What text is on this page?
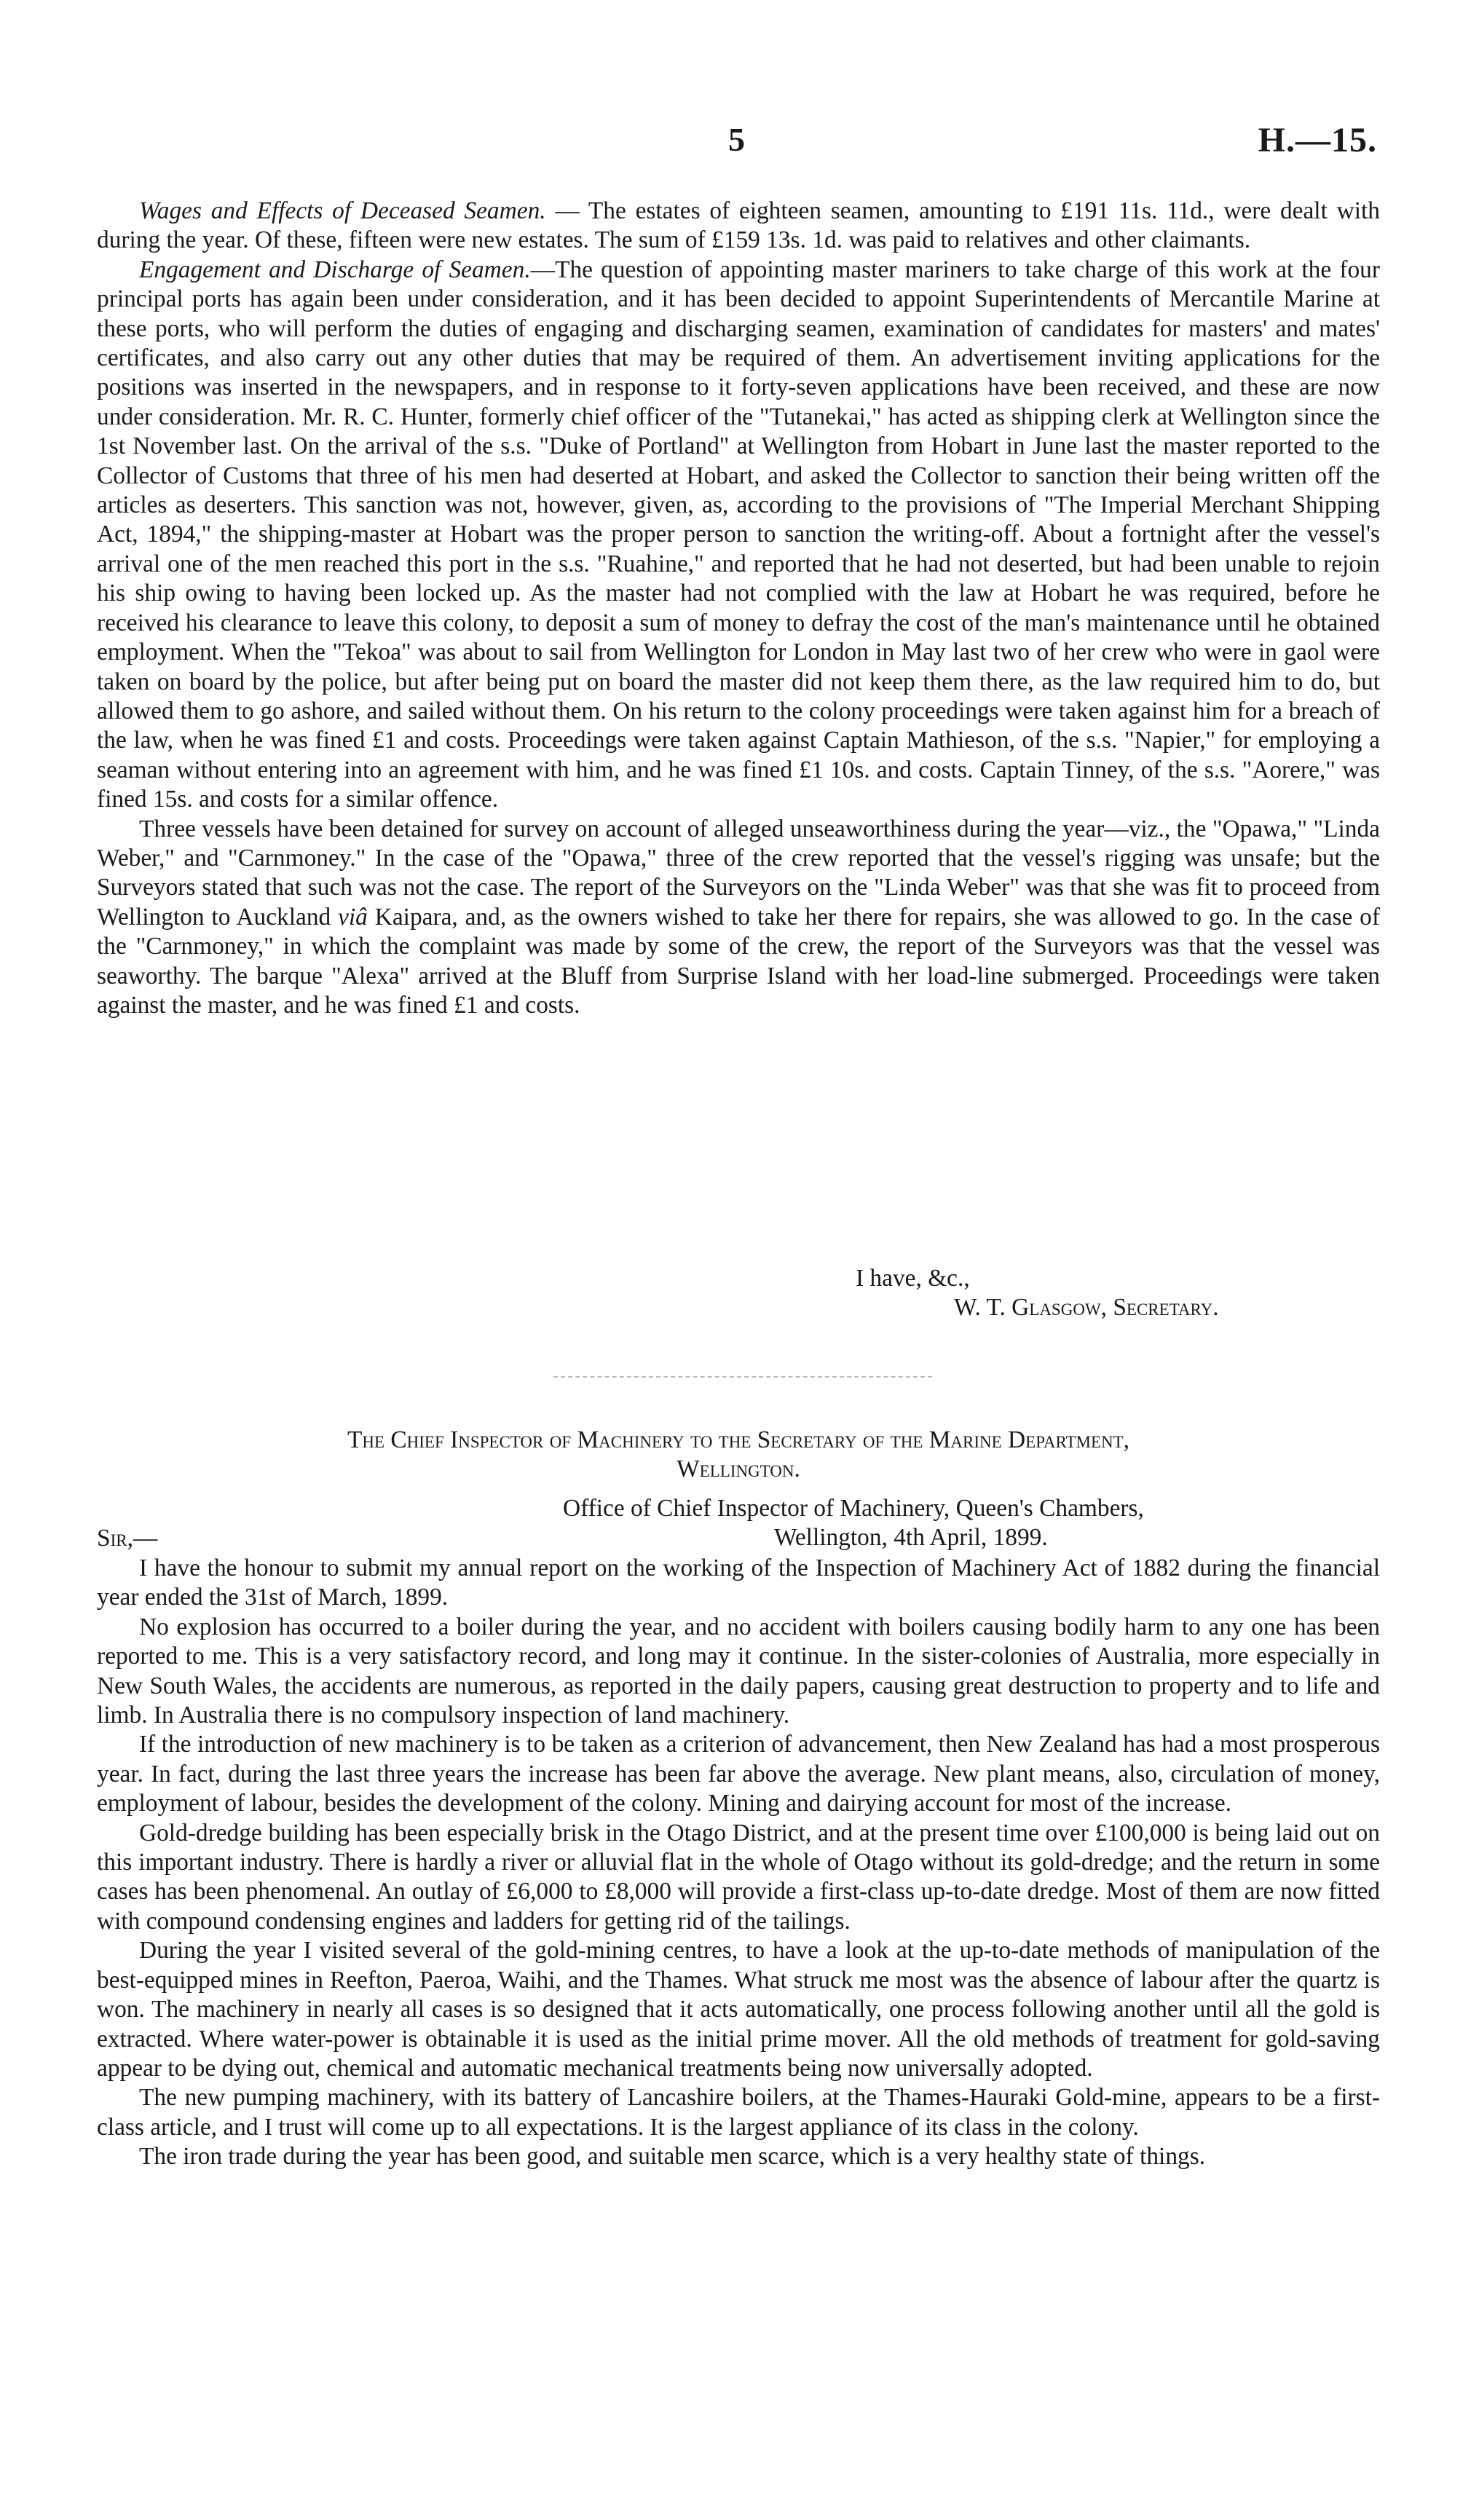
5	H.—15.

Wages and Effects of Deceased Seamen. — The estates of eighteen seamen, amounting to £191 11s. 11d., were dealt with during the year. Of these, fifteen were new estates. The sum of £159 13s. 1d. was paid to relatives and other claimants.

Engagement and Discharge of Seamen.—The question of appointing master mariners to take charge of this work at the four principal ports has again been under consideration, and it has been decided to appoint Superintendents of Mercantile Marine at these ports, who will perform the duties of engaging and discharging seamen, examination of candidates for masters' and mates' certificates, and also carry out any other duties that may be required of them. An advertisement inviting applications for the positions was inserted in the newspapers, and in response to it forty-seven applications have been received, and these are now under consideration. Mr. R. C. Hunter, formerly chief officer of the "Tutanekai," has acted as shipping clerk at Wellington since the 1st November last. On the arrival of the s.s. "Duke of Portland" at Wellington from Hobart in June last the master reported to the Collector of Customs that three of his men had deserted at Hobart, and asked the Collector to sanction their being written off the articles as deserters. This sanction was not, however, given, as, according to the provisions of "The Imperial Merchant Shipping Act, 1894," the shipping-master at Hobart was the proper person to sanction the writing-off. About a fortnight after the vessel's arrival one of the men reached this port in the s.s. "Ruahine," and reported that he had not deserted, but had been unable to rejoin his ship owing to having been locked up. As the master had not complied with the law at Hobart he was required, before he received his clearance to leave this colony, to deposit a sum of money to defray the cost of the man's maintenance until he obtained employment. When the "Tekoa" was about to sail from Wellington for London in May last two of her crew who were in gaol were taken on board by the police, but after being put on board the master did not keep them there, as the law required him to do, but allowed them to go ashore, and sailed without them. On his return to the colony proceedings were taken against him for a breach of the law, when he was fined £1 and costs. Proceedings were taken against Captain Mathieson, of the s.s. "Napier," for employing a seaman without entering into an agreement with him, and he was fined £1 10s. and costs. Captain Tinney, of the s.s. "Aorere," was fined 15s. and costs for a similar offence.

Three vessels have been detained for survey on account of alleged unseaworthiness during the year—viz., the "Opawa," "Linda Weber," and "Carnmoney." In the case of the "Opawa," three of the crew reported that the vessel's rigging was unsafe; but the Surveyors stated that such was not the case. The report of the Surveyors on the "Linda Weber" was that she was fit to proceed from Wellington to Auckland viâ Kaipara, and, as the owners wished to take her there for repairs, she was allowed to go. In the case of the "Carnmoney," in which the complaint was made by some of the crew, the report of the Surveyors was that the vessel was seaworthy. The barque "Alexa" arrived at the Bluff from Surprise Island with her load-line submerged. Proceedings were taken against the master, and he was fined £1 and costs.

I have, &c.,
W. T. Glasgow, Secretary.
The Chief Inspector of Machinery to the Secretary of the Marine Department,
Wellington.
Office of Chief Inspector of Machinery, Queen's Chambers,
Wellington, 4th April, 1899.
Sir,—

I have the honour to submit my annual report on the working of the Inspection of Machinery Act of 1882 during the financial year ended the 31st of March, 1899.

No explosion has occurred to a boiler during the year, and no accident with boilers causing bodily harm to any one has been reported to me. This is a very satisfactory record, and long may it continue. In the sister-colonies of Australia, more especially in New South Wales, the accidents are numerous, as reported in the daily papers, causing great destruction to property and to life and limb. In Australia there is no compulsory inspection of land machinery.

If the introduction of new machinery is to be taken as a criterion of advancement, then New Zealand has had a most prosperous year. In fact, during the last three years the increase has been far above the average. New plant means, also, circulation of money, employment of labour, besides the development of the colony. Mining and dairying account for most of the increase.

Gold-dredge building has been especially brisk in the Otago District, and at the present time over £100,000 is being laid out on this important industry. There is hardly a river or alluvial flat in the whole of Otago without its gold-dredge; and the return in some cases has been phenomenal. An outlay of £6,000 to £8,000 will provide a first-class up-to-date dredge. Most of them are now fitted with compound condensing engines and ladders for getting rid of the tailings.

During the year I visited several of the gold-mining centres, to have a look at the up-to-date methods of manipulation of the best-equipped mines in Reefton, Paeroa, Waihi, and the Thames. What struck me most was the absence of labour after the quartz is won. The machinery in nearly all cases is so designed that it acts automatically, one process following another until all the gold is extracted. Where water-power is obtainable it is used as the initial prime mover. All the old methods of treatment for gold-saving appear to be dying out, chemical and automatic mechanical treatments being now universally adopted.

The new pumping machinery, with its battery of Lancashire boilers, at the Thames-Hauraki Gold-mine, appears to be a first-class article, and I trust will come up to all expectations. It is the largest appliance of its class in the colony.

The iron trade during the year has been good, and suitable men scarce, which is a very healthy state of things.
